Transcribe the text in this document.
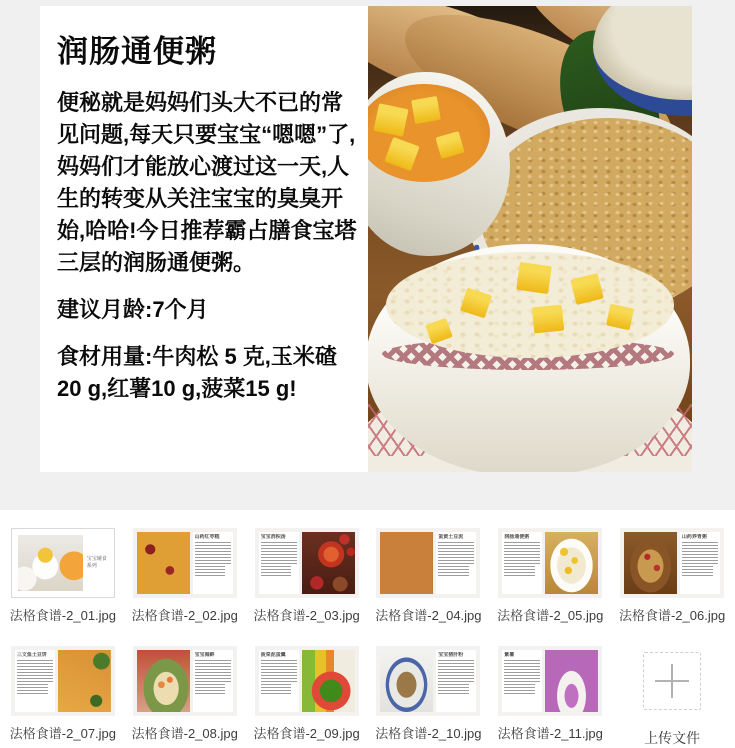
润肠通便粥

便秘就是妈妈们头大不已的常见问题,每天只要宝宝“嗯嗯”了,妈妈们才能放心渡过这一天,人生的转变从关注宝宝的臭臭开始,哈哈!今日推荐霸占膳食宝塔三层的润肠通便粥。

建议月龄:7个月

食材用量:牛肉松 5 克,玉米碴20 g,红薯10 g,菠菜15 g!

宝宝辅食系列
法格食谱-2_01.jpg
山药红枣糕
法格食谱-2_02.jpg
宝宝消积汤
法格食谱-2_03.jpg
蛋黄土豆泥
法格食谱-2_04.jpg
润肠通便粥
法格食谱-2_05.jpg
山药养胃粥
法格食谱-2_06.jpg
三文鱼土豆饼
法格食谱-2_07.jpg
宝宝海鲜
法格食谱-2_08.jpg
菠菜泥蛋羹
法格食谱-2_09.jpg
宝宝猪肝粉
法格食谱-2_10.jpg
紫薯
法格食谱-2_11.jpg	上传文件
